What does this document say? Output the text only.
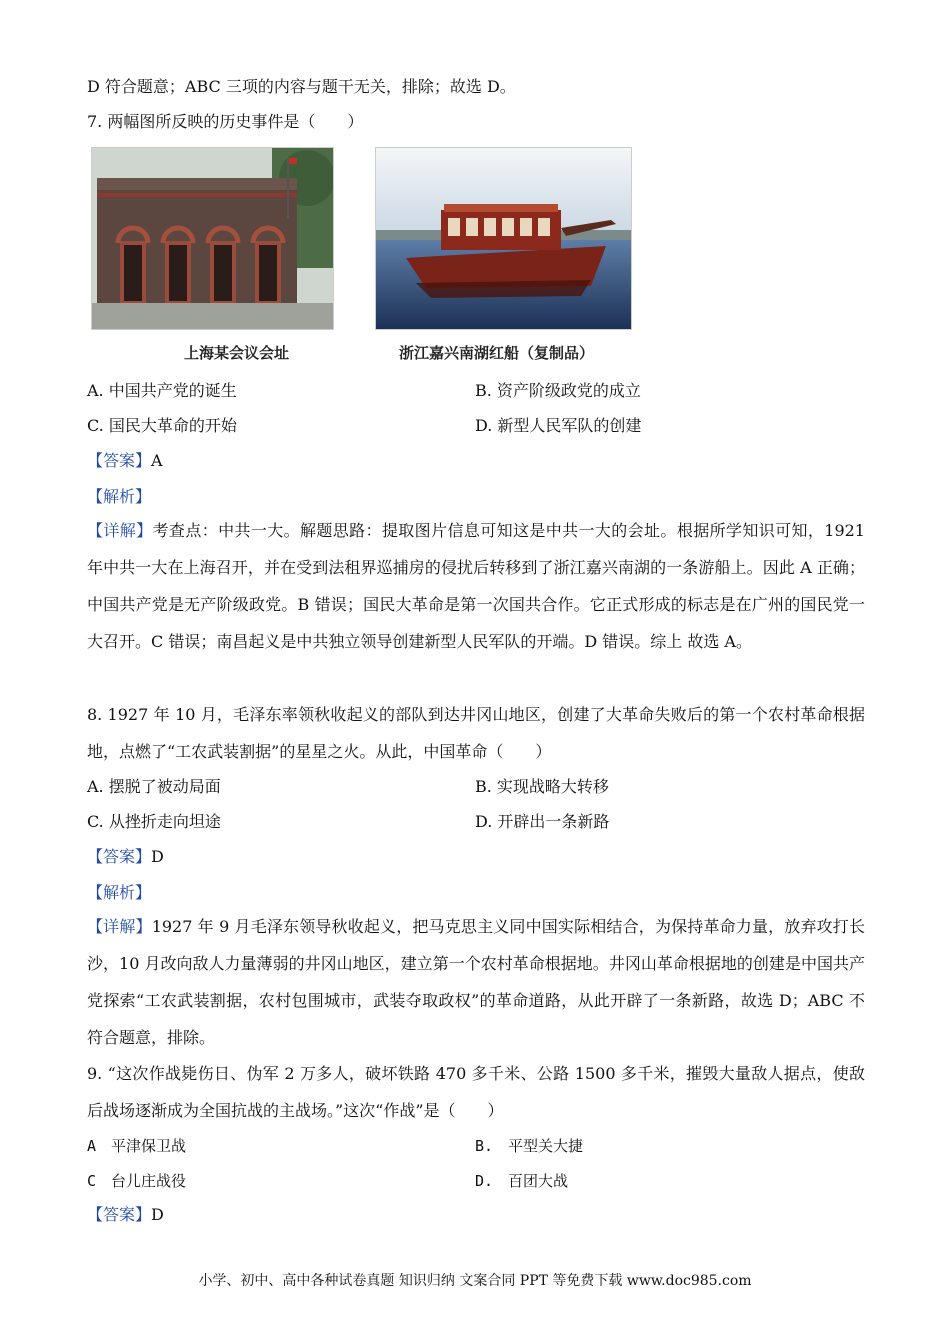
D 符合题意；ABC 三项的内容与题干无关，排除；故选 D。
7. 两幅图所反映的历史事件是（　　）
上海某会议会址	浙江嘉兴南湖红船（复制品）
A. 中国共产党的诞生	B. 资产阶级政党的成立
C. 国民大革命的开始	D. 新型人民军队的创建
【答案】A
【解析】
【详解】考查点：中共一大。解题思路：提取图片信息可知这是中共一大的会址。根据所学知识可知，1921 年中共一大在上海召开，并在受到法租界巡捕房的侵扰后转移到了浙江嘉兴南湖的一条游船上。因此 A 正确；中国共产党是无产阶级政党。B 错误；国民大革命是第一次国共合作。它正式形成的标志是在广州的国民党一大召开。C 错误；南昌起义是中共独立领导创建新型人民军队的开端。D 错误。综上 故选 A。
8. 1927 年 10 月，毛泽东率领秋收起义的部队到达井冈山地区，创建了大革命失败后的第一个农村革命根据地，点燃了“工农武装割据”的星星之火。从此，中国革命（　　）
A. 摆脱了被动局面	B. 实现战略大转移
C. 从挫折走向坦途	D. 开辟出一条新路
【答案】D
【解析】
【详解】1927 年 9 月毛泽东领导秋收起义，把马克思主义同中国实际相结合，为保持革命力量，放弃攻打长沙，10 月改向敌人力量薄弱的井冈山地区，建立第一个农村革命根据地。井冈山革命根据地的创建是中国共产党探索“工农武装割据，农村包围城市，武装夺取政权”的革命道路，从此开辟了一条新路，故选 D；ABC 不符合题意，排除。
9. “这次作战毙伤日、伪军 2 万多人，破坏铁路 470 多千米、公路 1500 多千米，摧毁大量敌人据点，使敌后战场逐渐成为全国抗战的主战场。”这次“作战”是（　　）
A　平津保卫战	B.　平型关大捷
C　台儿庄战役	D.　百团大战
【答案】D
小学、初中、高中各种试卷真题 知识归纳 文案合同 PPT 等免费下载 www.doc985.com
